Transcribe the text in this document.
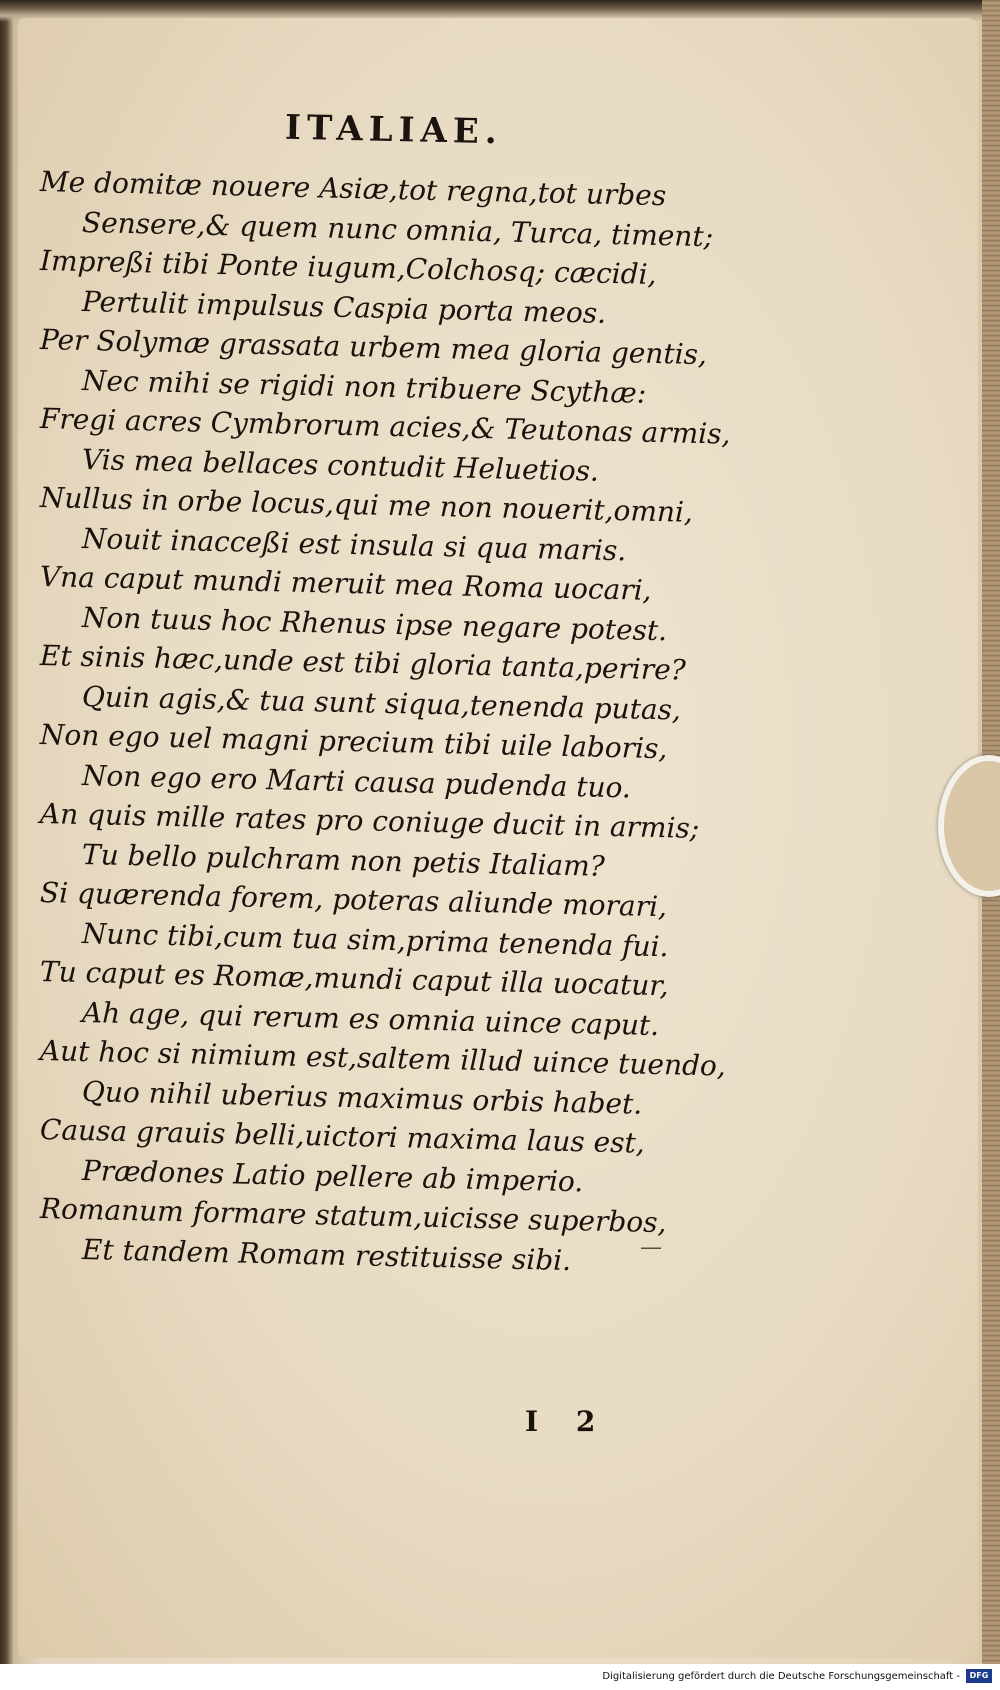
ITALIAE.
Me domitæ nouere Asiæ,tot regna,tot urbes
Sensere,& quem nunc omnia, Turca, timent;
Impreßi tibi Ponte iugum,Colchosq; cæcidi,
Pertulit impulsus Caspia porta meos.
Per Solymæ grassata urbem mea gloria gentis,
Nec mihi se rigidi non tribuere Scythæ:
Fregi acres Cymbrorum acies,& Teutonas armis,
Vis mea bellaces contudit Heluetios.
Nullus in orbe locus,qui me non nouerit,omni,
Nouit inacceßi est insula si qua maris.
Vna caput mundi meruit mea Roma uocari,
Non tuus hoc Rhenus ipse negare potest.
Et sinis hæc,unde est tibi gloria tanta,perire?
Quin agis,& tua sunt siqua,tenenda putas,
Non ego uel magni precium tibi uile laboris,
Non ego ero Marti causa pudenda tuo.
An quis mille rates pro coniuge ducit in armis;
Tu bello pulchram non petis Italiam?
Si quærenda forem, poteras aliunde morari,
Nunc tibi,cum tua sim,prima tenenda fui.
Tu caput es Romæ,mundi caput illa uocatur,
Ah age, qui rerum es omnia uince caput.
Aut hoc si nimium est,saltem illud uince tuendo,
Quo nihil uberius maximus orbis habet.
Causa grauis belli,uictori maxima laus est,
Prædones Latio pellere ab imperio.
Romanum formare statum,uicisse superbos,
Et tandem Romam restituisse sibi.
I 2
—
Digitalisierung gefördert durch die Deutsche Forschungsgemeinschaft - DFG
